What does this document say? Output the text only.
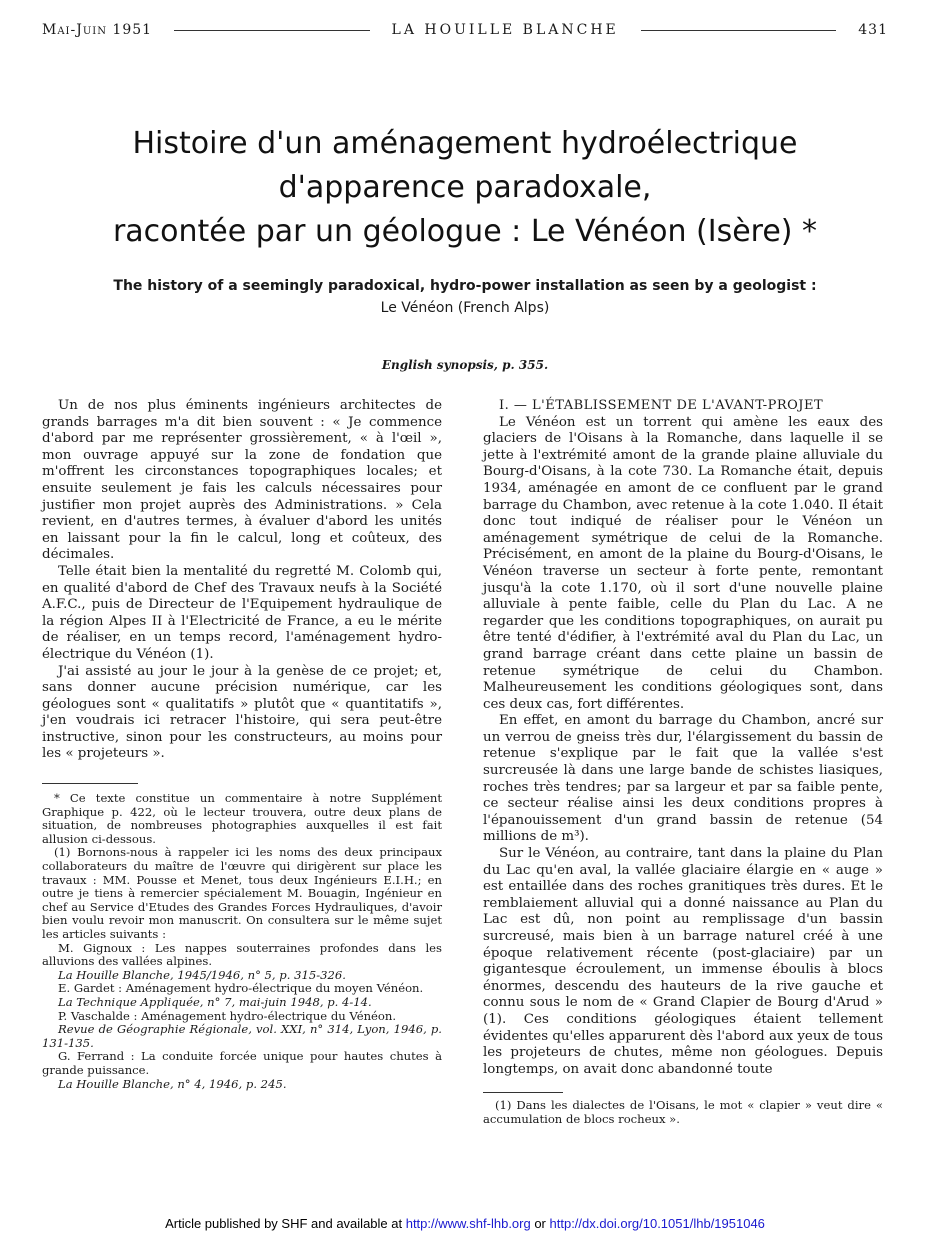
Mai-Juin 1951	LA HOUILLE BLANCHE	431
Histoire d'un aménagement hydroélectrique
d'apparence paradoxale,
racontée par un géologue : Le Vénéon (Isère) *
The history of a seemingly paradoxical, hydro-power installation as seen by a geologist :
Le Vénéon (French Alps)
English synopsis, p. 355.

Un de nos plus éminents ingénieurs architectes de grands barrages m'a dit bien souvent : « Je commence d'abord par me représenter grossièrement, « à l'œil », mon ouvrage appuyé sur la zone de fondation que m'offrent les circonstances topographiques locales; et ensuite seulement je fais les calculs nécessaires pour justifier mon projet auprès des Administrations. » Cela revient, en d'autres termes, à évaluer d'abord les unités en laissant pour la fin le calcul, long et coûteux, des décimales.

Telle était bien la mentalité du regretté M. Colomb qui, en qualité d'abord de Chef des Travaux neufs à la Société A.F.C., puis de Directeur de l'Equipement hydraulique de la région Alpes II à l'Electricité de France, a eu le mérite de réaliser, en un temps record, l'aménagement hydro-électrique du Vénéon (1).

J'ai assisté au jour le jour à la genèse de ce projet; et, sans donner aucune précision numérique, car les géologues sont « qualitatifs » plutôt que « quantitatifs », j'en voudrais ici retracer l'histoire, qui sera peut-être instructive, sinon pour les constructeurs, au moins pour les « projeteurs ».

* Ce texte constitue un commentaire à notre Supplément Graphique p. 422, où le lecteur trouvera, outre deux plans de situation, de nombreuses photographies auxquelles il est fait allusion ci-dessous.

(1) Bornons-nous à rappeler ici les noms des deux principaux collaborateurs du maître de l'œuvre qui dirigèrent sur place les travaux : MM. Pousse et Menet, tous deux Ingénieurs E.I.H.; en outre je tiens à remercier spécialement M. Bouagin, Ingénieur en chef au Service d'Etudes des Grandes Forces Hydrauliques, d'avoir bien voulu revoir mon manuscrit. On consultera sur le même sujet les articles suivants :

M. Gignoux : Les nappes souterraines profondes dans les alluvions des vallées alpines.

La Houille Blanche, 1945/1946, n° 5, p. 315-326.

E. Gardet : Aménagement hydro-électrique du moyen Vénéon.

La Technique Appliquée, n° 7, mai-juin 1948, p. 4-14.

P. Vaschalde : Aménagement hydro-électrique du Vénéon.

Revue de Géographie Régionale, vol. XXI, n° 314, Lyon, 1946, p. 131-135.

G. Ferrand : La conduite forcée unique pour hautes chutes à grande puissance.

La Houille Blanche, n° 4, 1946, p. 245.

I. — L'ÉTABLISSEMENT DE L'AVANT-PROJET

Le Vénéon est un torrent qui amène les eaux des glaciers de l'Oisans à la Romanche, dans laquelle il se jette à l'extrémité amont de la grande plaine alluviale du Bourg-d'Oisans, à la cote 730. La Romanche était, depuis 1934, aménagée en amont de ce confluent par le grand barrage du Chambon, avec retenue à la cote 1.040. Il était donc tout indiqué de réaliser pour le Vénéon un aménagement symétrique de celui de la Romanche. Précisément, en amont de la plaine du Bourg-d'Oisans, le Vénéon traverse un secteur à forte pente, remontant jusqu'à la cote 1.170, où il sort d'une nouvelle plaine alluviale à pente faible, celle du Plan du Lac. A ne regarder que les conditions topographiques, on aurait pu être tenté d'édifier, à l'extrémité aval du Plan du Lac, un grand barrage créant dans cette plaine un bassin de retenue symétrique de celui du Chambon. Malheureusement les conditions géologiques sont, dans ces deux cas, fort différentes.

En effet, en amont du barrage du Chambon, ancré sur un verrou de gneiss très dur, l'élargissement du bassin de retenue s'explique par le fait que la vallée s'est surcreusée là dans une large bande de schistes liasiques, roches très tendres; par sa largeur et par sa faible pente, ce secteur réalise ainsi les deux conditions propres à l'épanouissement d'un grand bassin de retenue (54 millions de m³).

Sur le Vénéon, au contraire, tant dans la plaine du Plan du Lac qu'en aval, la vallée glaciaire élargie en « auge » est entaillée dans des roches granitiques très dures. Et le remblaiement alluvial qui a donné naissance au Plan du Lac est dû, non point au remplissage d'un bassin surcreusé, mais bien à un barrage naturel créé à une époque relativement récente (post-glaciaire) par un gigantesque écroulement, un immense éboulis à blocs énormes, descendu des hauteurs de la rive gauche et connu sous le nom de « Grand Clapier de Bourg d'Arud » (1). Ces conditions géologiques étaient tellement évidentes qu'elles apparurent dès l'abord aux yeux de tous les projeteurs de chutes, même non géologues. Depuis longtemps, on avait donc abandonné toute

(1) Dans les dialectes de l'Oisans, le mot « clapier » veut dire « accumulation de blocs rocheux ».

Article published by SHF and available at http://www.shf-lhb.org or http://dx.doi.org/10.1051/lhb/1951046
